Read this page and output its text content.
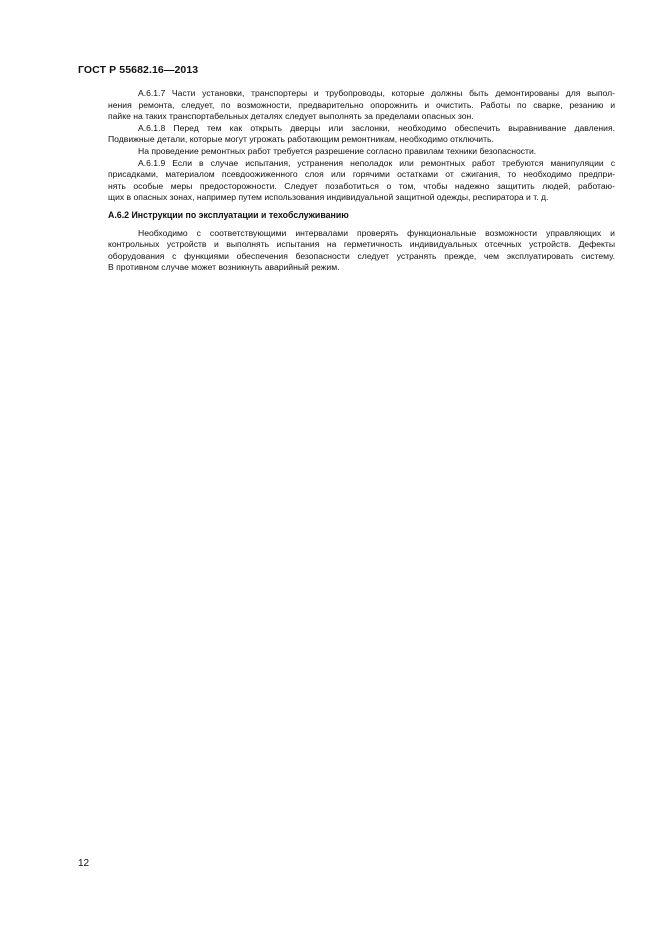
ГОСТ Р 55682.16—2013

А.6.1.7 Части установки, транспортеры и трубопроводы, которые должны быть демонтированы для выпол-
нения ремонта, следует, по возможности, предварительно опорожнить и очистить. Работы по сварке, резанию и
пайке на таких транспортабельных деталях следует выполнять за пределами опасных зон.

А.6.1.8 Перед тем как открыть дверцы или заслонки, необходимо обеспечить выравнивание давления.
Подвижные детали, которые могут угрожать работающим ремонтникам, необходимо отключить.

На проведение ремонтных работ требуется разрешение согласно правилам техники безопасности.

А.6.1.9 Если в случае испытания, устранения неполадок или ремонтных работ требуются манипуляции с
присадками, материалом псевдоожиженного слоя или горячими остатками от сжигания, то необходимо предпри-
нять особые меры предосторожности. Следует позаботиться о том, чтобы надежно защитить людей, работаю-
щих в опасных зонах, например путем использования индивидуальной защитной одежды, респиратора и т. д.

А.6.2 Инструкции по эксплуатации и техобслуживанию

Необходимо с соответствующими интервалами проверять функциональные возможности управляющих и
контрольных устройств и выполнять испытания на герметичность индивидуальных отсечных устройств. Дефекты
оборудования с функциями обеспечения безопасности следует устранять прежде, чем эксплуатировать систему.
В противном случае может возникнуть аварийный режим.

12
